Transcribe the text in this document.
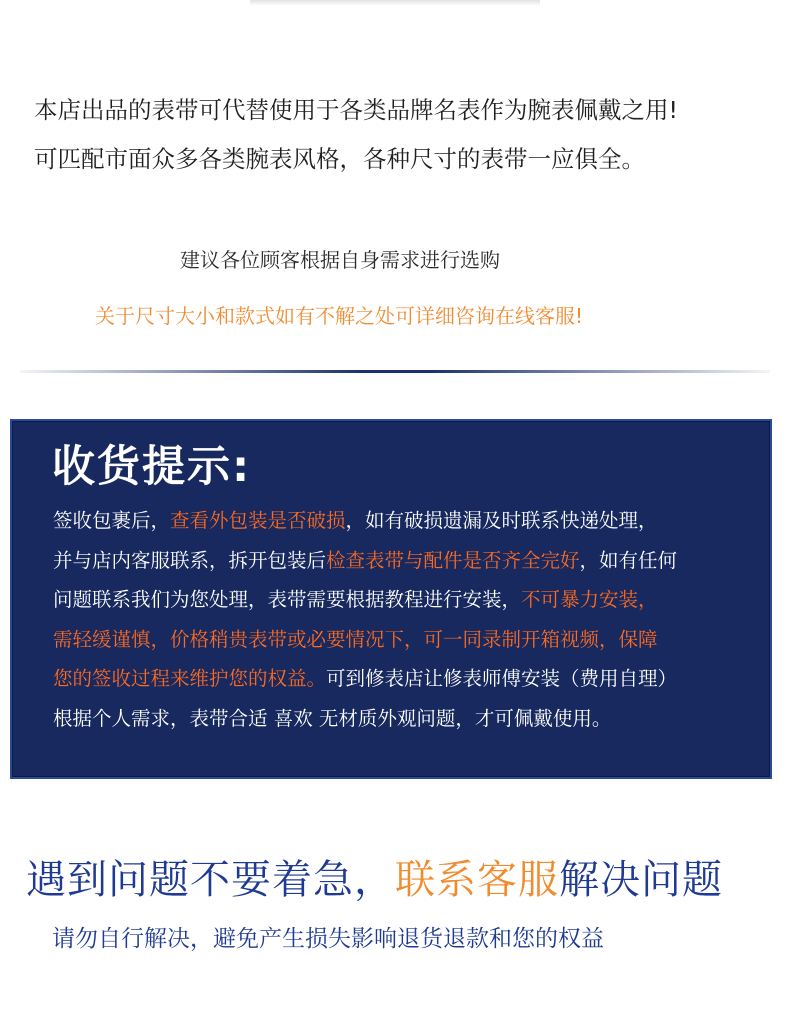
本店出品的表带可代替使用于各类品牌名表作为腕表佩戴之用!

可匹配市面众多各类腕表风格，各种尺寸的表带一应俱全。

建议各位顾客根据自身需求进行选购
关于尺寸大小和款式如有不解之处可详细咨询在线客服!
收货提示:

签收包裹后，查看外包装是否破损，如有破损遗漏及时联系快递处理，

并与店内客服联系，拆开包装后检查表带与配件是否齐全完好，如有任何

问题联系我们为您处理，表带需要根据教程进行安装，不可暴力安装，

需轻缓谨慎，价格稍贵表带或必要情况下，可一同录制开箱视频，保障

您的签收过程来维护您的权益。可到修表店让修表师傅安装（费用自理）

根据个人需求，表带合适 喜欢 无材质外观问题，才可佩戴使用。

遇到问题不要着急，联系客服解决问题
请勿自行解决，避免产生损失影响退货退款和您的权益
